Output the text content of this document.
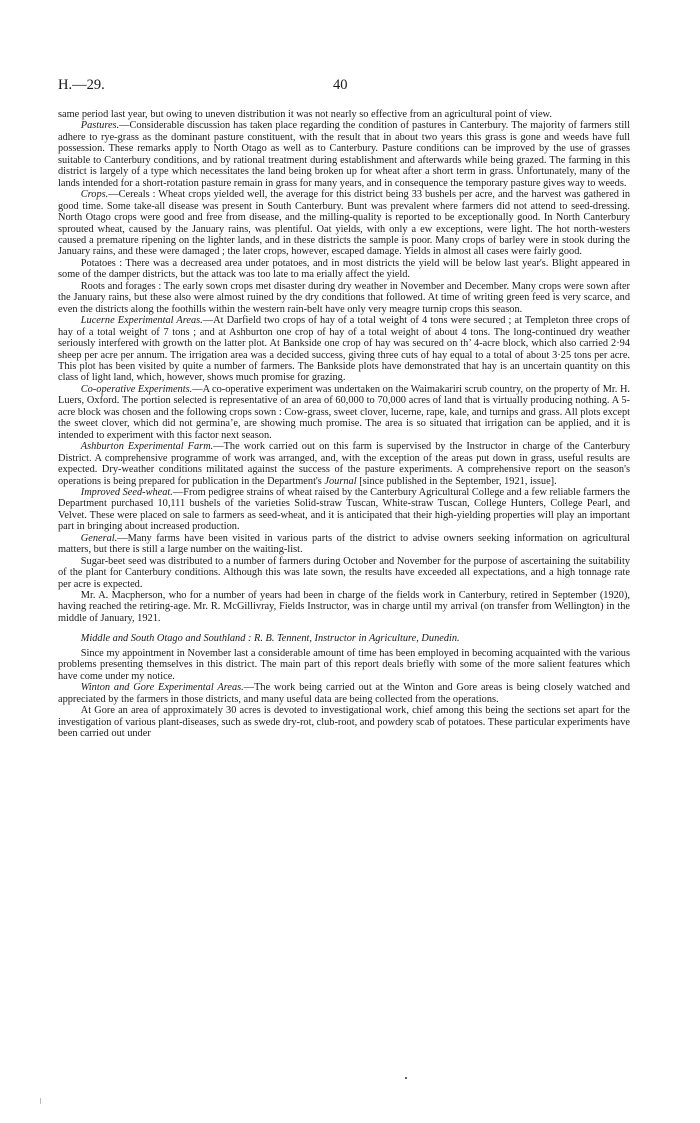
H.—29.	40

same period last year, but owing to uneven distribution it was not nearly so effective from an agricultural point of view.

Pastures.—Considerable discussion has taken place regarding the condition of pastures in Canterbury. The majority of farmers still adhere to rye-grass as the dominant pasture constituent, with the result that in about two years this grass is gone and weeds have full possession. These remarks apply to North Otago as well as to Canterbury. Pasture conditions can be improved by the use of grasses suitable to Canterbury conditions, and by rational treatment during establishment and afterwards while being grazed. The farming in this district is largely of a type which necessitates the land being broken up for wheat after a short term in grass. Unfortunately, many of the lands intended for a short-rotation pasture remain in grass for many years, and in consequence the temporary pasture gives way to weeds.

Crops.—Cereals : Wheat crops yielded well, the average for this district being 33 bushels per acre, and the harvest was gathered in good time. Some take-all disease was present in South Canterbury. Bunt was prevalent where farmers did not attend to seed-dressing. North Otago crops were good and free from disease, and the milling-quality is reported to be exceptionally good. In North Canterbury sprouted wheat, caused by the January rains, was plentiful. Oat yields, with only a ew exceptions, were light. The hot north-westers caused a premature ripening on the lighter lands, and in these districts the sample is poor. Many crops of barley were in stook during the January rains, and these were damaged ; the later crops, however, escaped damage. Yields in almost all cases were fairly good.

Potatoes : There was a decreased area under potatoes, and in most districts the yield will be below last year's. Blight appeared in some of the damper districts, but the attack was too late to ma erially affect the yield.

Roots and forages : The early sown crops met disaster during dry weather in November and December. Many crops were sown after the January rains, but these also were almost ruined by the dry conditions that followed. At time of writing green feed is very scarce, and even the districts along the foothills within the western rain-belt have only very meagre turnip crops this season.

Lucerne Experimental Areas.—At Darfield two crops of hay of a total weight of 4 tons were secured ; at Templeton three crops of hay of a total weight of 7 tons ; and at Ashburton one crop of hay of a total weight of about 4 tons. The long-continued dry weather seriously interfered with growth on the latter plot. At Bankside one crop of hay was secured on th’ 4-acre block, which also carried 2·94 sheep per acre per annum. The irrigation area was a decided success, giving three cuts of hay equal to a total of about 3·25 tons per acre. This plot has been visited by quite a number of farmers. The Bankside plots have demonstrated that hay is an uncertain quantity on this class of light land, which, however, shows much promise for grazing.

Co-operative Experiments.—A co-operative experiment was undertaken on the Waimakariri scrub country, on the property of Mr. H. Luers, Oxford. The portion selected is representative of an area of 60,000 to 70,000 acres of land that is virtually producing nothing. A 5-acre block was chosen and the following crops sown : Cow-grass, sweet clover, lucerne, rape, kale, and turnips and grass. All plots except the sweet clover, which did not germina’e, are showing much promise. The area is so situated that irrigation can be applied, and it is intended to experiment with this factor next season.

Ashburton Experimental Farm.—The work carried out on this farm is supervised by the Instructor in charge of the Canterbury District. A comprehensive programme of work was arranged, and, with the exception of the areas put down in grass, useful results are expected. Dry-weather conditions militated against the success of the pasture experiments. A comprehensive report on the season's operations is being prepared for publication in the Department's Journal [since published in the September, 1921, issue].

Improved Seed-wheat.—From pedigree strains of wheat raised by the Canterbury Agricultural College and a few reliable farmers the Department purchased 10,111 bushels of the varieties Solid-straw Tuscan, White-straw Tuscan, College Hunters, College Pearl, and Velvet. These were placed on sale to farmers as seed-wheat, and it is anticipated that their high-yielding properties will play an important part in bringing about increased production.

General.—Many farms have been visited in various parts of the district to advise owners seeking information on agricultural matters, but there is still a large number on the waiting-list.

Sugar-beet seed was distributed to a number of farmers during October and November for the purpose of ascertaining the suitability of the plant for Canterbury conditions. Although this was late sown, the results have exceeded all expectations, and a high tonnage rate per acre is expected.

Mr. A. Macpherson, who for a number of years had been in charge of the fields work in Canterbury, retired in September (1920), having reached the retiring-age. Mr. R. McGillivray, Fields Instructor, was in charge until my arrival (on transfer from Wellington) in the middle of January, 1921.

Middle and South Otago and Southland : R. B. Tennent, Instructor in Agriculture, Dunedin.

Since my appointment in November last a considerable amount of time has been employed in becoming acquainted with the various problems presenting themselves in this district. The main part of this report deals briefly with some of the more salient features which have come under my notice.

Winton and Gore Experimental Areas.—The work being carried out at the Winton and Gore areas is being closely watched and appreciated by the farmers in those districts, and many useful data are being collected from the operations.

At Gore an area of approximately 30 acres is devoted to investigational work, chief among this being the sections set apart for the investigation of various plant-diseases, such as swede dry-rot, club-root, and powdery scab of potatoes. These particular experiments have been carried out under
